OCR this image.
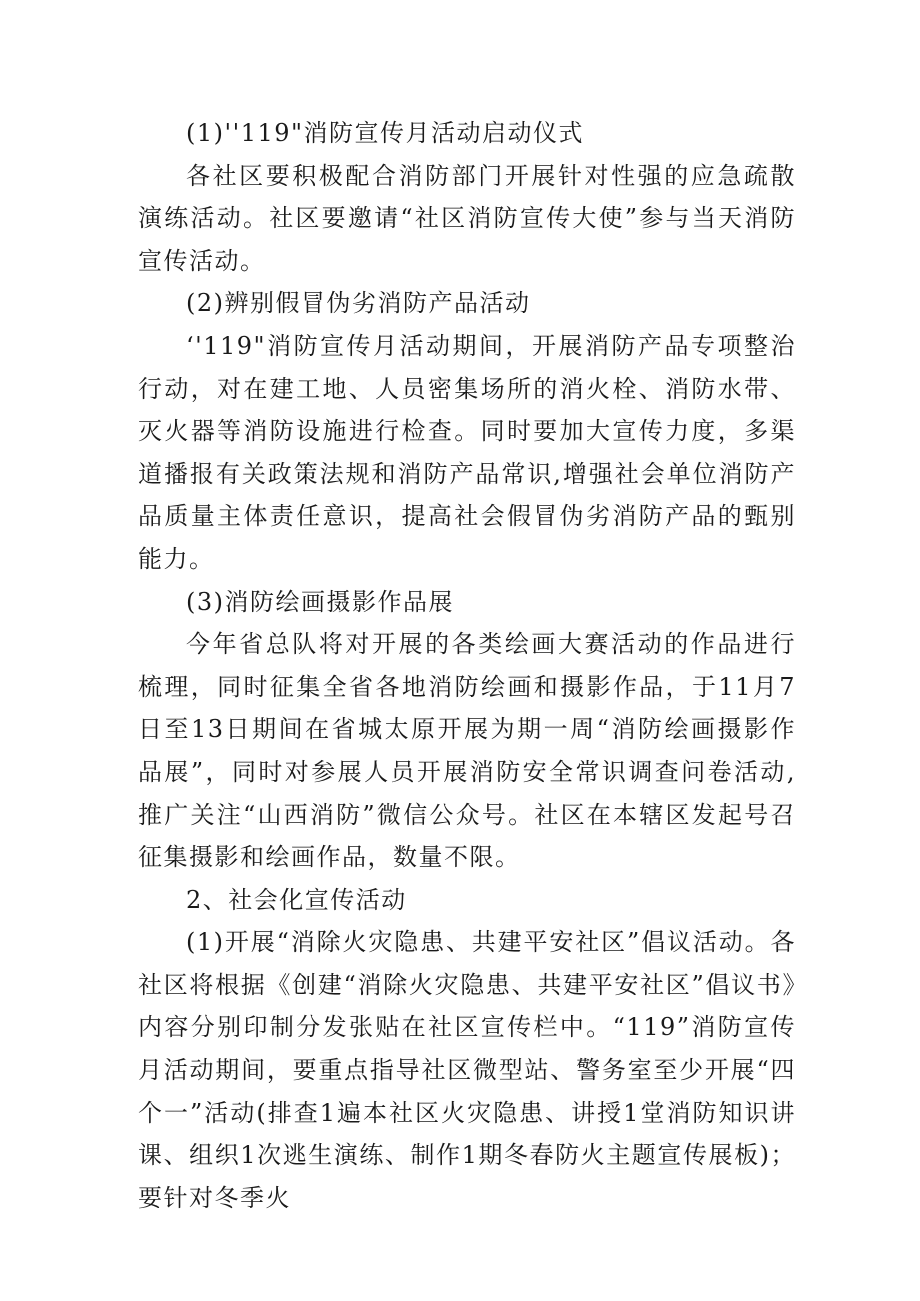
(1)''119"消防宣传月活动启动仪式

各社区要积极配合消防部门开展针对性强的应急疏散演练活动。社区要邀请“社区消防宣传大使”参与当天消防宣传活动。

(2)辨别假冒伪劣消防产品活动

‘'119"消防宣传月活动期间，开展消防产品专项整治行动，对在建工地、人员密集场所的消火栓、消防水带、灭火器等消防设施进行检查。同时要加大宣传力度，多渠道播报有关政策法规和消防产品常识,增强社会单位消防产品质量主体责任意识，提高社会假冒伪劣消防产品的甄别能力。

(3)消防绘画摄影作品展

今年省总队将对开展的各类绘画大赛活动的作品进行梳理，同时征集全省各地消防绘画和摄影作品，于11月7日至13日期间在省城太原开展为期一周“消防绘画摄影作品展”，同时对参展人员开展消防安全常识调查问卷活动,推广关注“山西消防”微信公众号。社区在本辖区发起号召征集摄影和绘画作品，数量不限。

2、社会化宣传活动

(1)开展“消除火灾隐患、共建平安社区”倡议活动。各社区将根据《创建“消除火灾隐患、共建平安社区”倡议书》内容分别印制分发张贴在社区宣传栏中。“119”消防宣传月活动期间，要重点指导社区微型站、警务室至少开展“四个一”活动(排查1遍本社区火灾隐患、讲授1堂消防知识讲课、组织1次逃生演练、制作1期冬春防火主题宣传展板)；要针对冬季火
